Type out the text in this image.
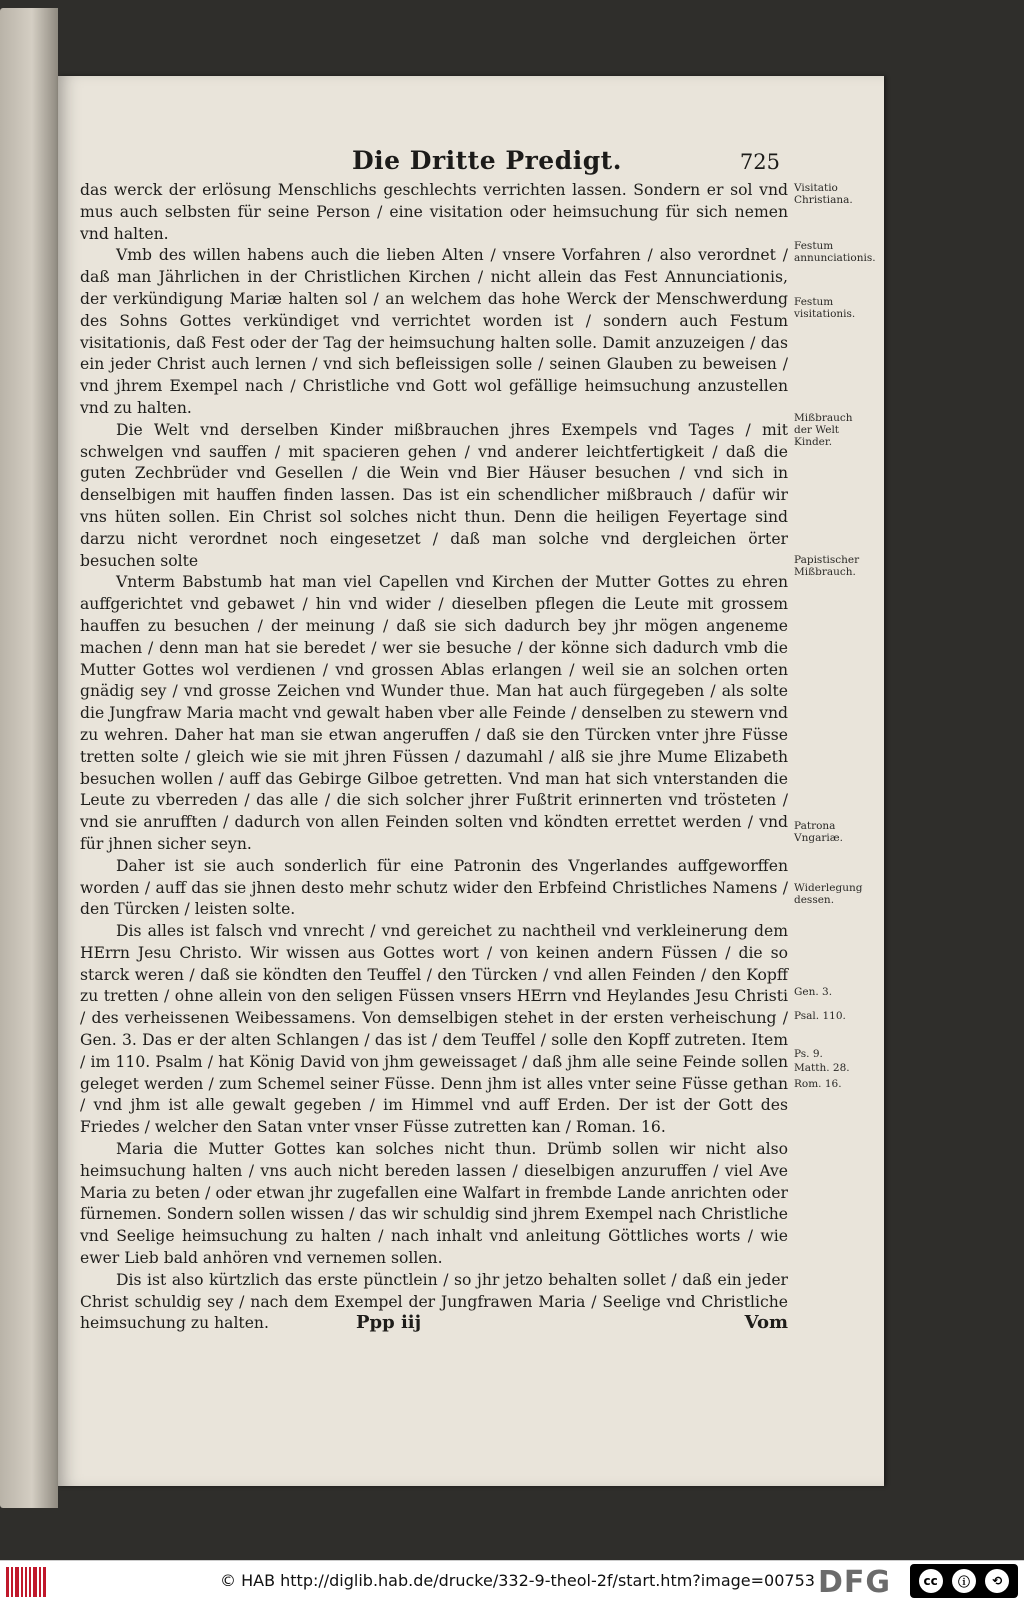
Die Dritte Predigt.	725

das werck der erlösung Menschlichs geschlechts verrichten lassen. Sondern er sol vnd mus auch selbsten für seine Person / eine visitation oder heimsuchung für sich nemen vnd halten.

Vmb des willen habens auch die lieben Alten / vnsere Vorfahren / also verordnet / daß man Jährlichen in der Christlichen Kirchen / nicht allein das Fest Annunciationis, der verkündigung Mariæ halten sol / an welchem das hohe Werck der Menschwerdung des Sohns Gottes verkündiget vnd verrichtet worden ist / sondern auch Festum visitationis, daß Fest oder der Tag der heimsuchung halten solle. Damit anzuzeigen / das ein jeder Christ auch lernen / vnd sich befleissigen solle / seinen Glauben zu beweisen / vnd jhrem Exempel nach / Christliche vnd Gott wol gefällige heimsuchung anzustellen vnd zu halten.

Die Welt vnd derselben Kinder mißbrauchen jhres Exempels vnd Tages / mit schwelgen vnd sauffen / mit spacieren gehen / vnd anderer leichtfertigkeit / daß die guten Zechbrüder vnd Gesellen / die Wein vnd Bier Häuser besuchen / vnd sich in denselbigen mit hauffen finden lassen. Das ist ein schendlicher mißbrauch / dafür wir vns hüten sollen. Ein Christ sol solches nicht thun. Denn die heiligen Feyertage sind darzu nicht verordnet noch eingesetzet / daß man solche vnd dergleichen örter besuchen solte

Vnterm Babstumb hat man viel Capellen vnd Kirchen der Mutter Gottes zu ehren auffgerichtet vnd gebawet / hin vnd wider / dieselben pflegen die Leute mit grossem hauffen zu besuchen / der meinung / daß sie sich dadurch bey jhr mögen angeneme machen / denn man hat sie beredet / wer sie besuche / der könne sich dadurch vmb die Mutter Gottes wol verdienen / vnd grossen Ablas erlangen / weil sie an solchen orten gnädig sey / vnd grosse Zeichen vnd Wunder thue. Man hat auch fürgegeben / als solte die Jungfraw Maria macht vnd gewalt haben vber alle Feinde / denselben zu stewern vnd zu wehren. Daher hat man sie etwan angeruffen / daß sie den Türcken vnter jhre Füsse tretten solte / gleich wie sie mit jhren Füssen / dazumahl / alß sie jhre Mume Elizabeth besuchen wollen / auff das Gebirge Gilboe getretten. Vnd man hat sich vnterstanden die Leute zu vberreden / das alle / die sich solcher jhrer Fußtrit erinnerten vnd trösteten / vnd sie anrufften / dadurch von allen Feinden solten vnd köndten errettet werden / vnd für jhnen sicher seyn.

Daher ist sie auch sonderlich für eine Patronin des Vngerlandes auffgeworffen worden / auff das sie jhnen desto mehr schutz wider den Erbfeind Christliches Namens / den Türcken / leisten solte.

Dis alles ist falsch vnd vnrecht / vnd gereichet zu nachtheil vnd verkleinerung dem HErrn Jesu Christo. Wir wissen aus Gottes wort / von keinen andern Füssen / die so starck weren / daß sie köndten den Teuffel / den Türcken / vnd allen Feinden / den Kopff zu tretten / ohne allein von den seligen Füssen vnsers HErrn vnd Heylandes Jesu Christi / des verheissenen Weibessamens. Von demselbigen stehet in der ersten verheischung / Gen. 3. Das er der alten Schlangen / das ist / dem Teuffel / solle den Kopff zutreten. Item / im 110. Psalm / hat König David von jhm geweissaget / daß jhm alle seine Feinde sollen geleget werden / zum Schemel seiner Füsse. Denn jhm ist alles vnter seine Füsse gethan / vnd jhm ist alle gewalt gegeben / im Himmel vnd auff Erden. Der ist der Gott des Friedes / welcher den Satan vnter vnser Füsse zutretten kan / Roman. 16.

Maria die Mutter Gottes kan solches nicht thun. Drümb sollen wir nicht also heimsuchung halten / vns auch nicht bereden lassen / dieselbigen anzuruffen / viel Ave Maria zu beten / oder etwan jhr zugefallen eine Walfart in frembde Lande anrichten oder fürnemen. Sondern sollen wissen / das wir schuldig sind jhrem Exempel nach Christliche vnd Seelige heimsuchung zu halten / nach inhalt vnd anleitung Göttliches worts / wie ewer Lieb bald anhören vnd vernemen sollen.

Dis ist also kürtzlich das erste pünctlein / so jhr jetzo behalten sollet / daß ein jeder Christ schuldig sey / nach dem Exempel der Jungfrawen Maria / Seelige vnd Christliche heimsuchung zu halten.

Visitatio Christiana.
Festum annunciationis.
Festum visitationis.
Mißbrauch der Welt Kinder.
Papistischer Mißbrauch.
Patrona Vngariæ.
Widerlegung dessen.
Gen. 3.
Psal. 110.
Ps. 9.
Matth. 28.
Rom. 16.
Ppp iij	Vom
© HAB http://diglib.hab.de/drucke/332-9-theol-2f/start.htm?image=00753 DFG	cc	ⓘ	⟲
